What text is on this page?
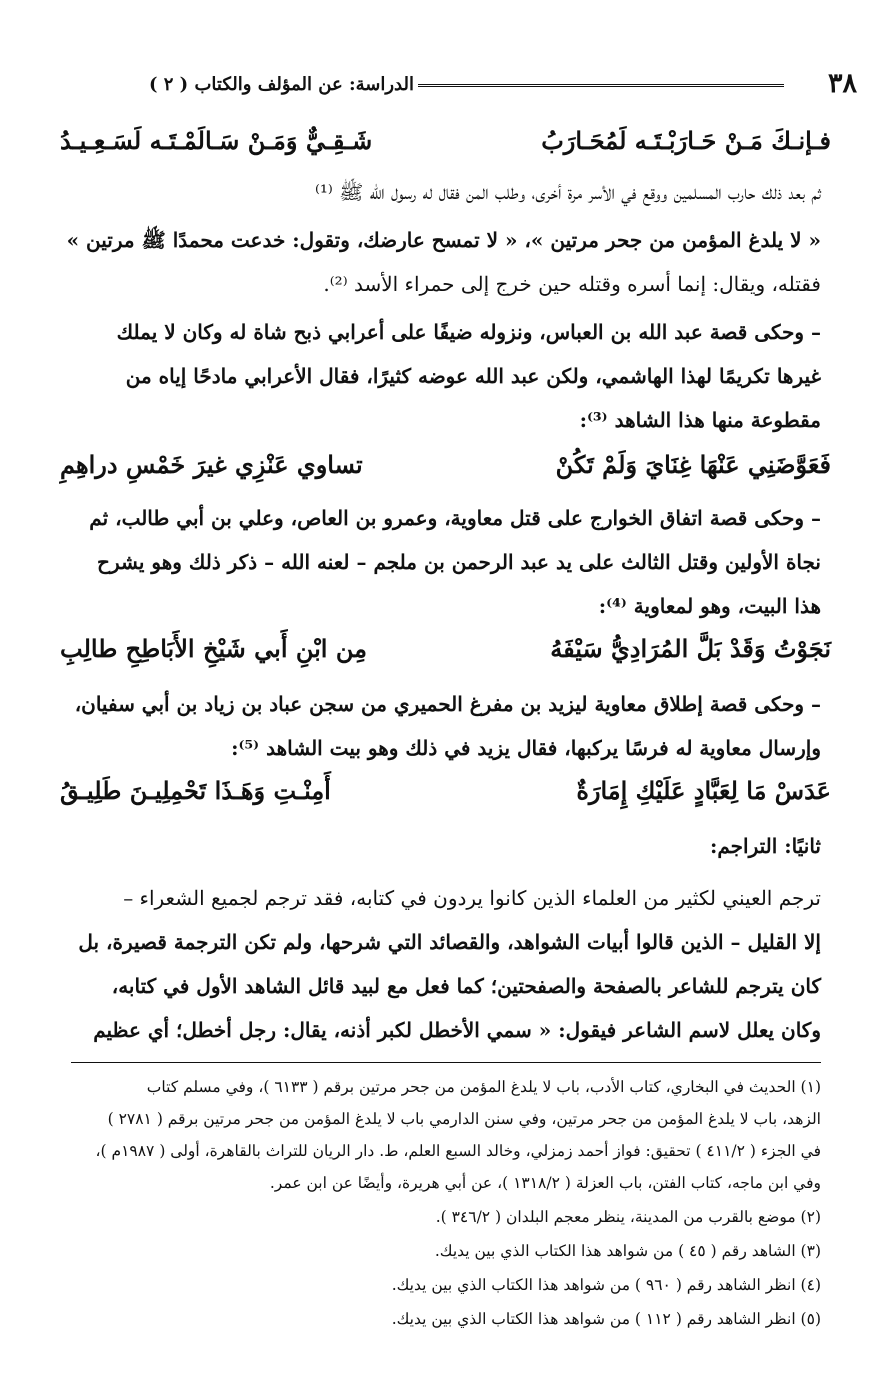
٣٨
الدراسة: عن المؤلف والكتاب ( ٢ )
فـإنـكَ مَـنْ حَـارَبْـتَـه لَمُحَـارَبُ
شَـقِـيٌّ وَمَـنْ سَـالَمْـتَـه لَسَـعِـيـدُ
ثم بعد ذلك حارب المسلمين ووقع في الأسر مرة أخرى، وطلب المن فقال له رسول الله ﷺ ⁽¹⁾
« لا يلدغ المؤمن من جحر مرتين »، « لا تمسح عارضك، وتقول: خدعت محمدًا ﷺ مرتين »
فقتله، ويقال: إنما أسره وقتله حين خرج إلى حمراء الأسد ⁽²⁾.
– وحكى قصة عبد الله بن العباس، ونزوله ضيفًا على أعرابي ذبح شاة له وكان لا يملك
غيرها تكريمًا لهذا الهاشمي، ولكن عبد الله عوضه كثيرًا، فقال الأعرابي مادحًا إياه من
مقطوعة منها هذا الشاهد ⁽³⁾:
فَعَوَّضَنِي عَنْهَا غِنَايَ وَلَمْ تَكُنْ
تساوي عَنْزِي غيرَ خَمْسِ دراهِمِ
– وحكى قصة اتفاق الخوارج على قتل معاوية، وعمرو بن العاص، وعلي بن أبي طالب، ثم
نجاة الأولين وقتل الثالث على يد عبد الرحمن بن ملجم – لعنه الله – ذكر ذلك وهو يشرح
هذا البيت، وهو لمعاوية ⁽⁴⁾:
نَجَوْتُ وَقَدْ بَلَّ المُرَادِيُّ سَيْفَهُ
مِن ابْنِ أَبي شَيْخِ الأَبَاطِحِ طالِبِ
– وحكى قصة إطلاق معاوية ليزيد بن مفرغ الحميري من سجن عباد بن زياد بن أبي سفيان،
وإرسال معاوية له فرسًا يركبها، فقال يزيد في ذلك وهو بيت الشاهد ⁽⁵⁾:
عَدَسْ مَا لِعَبَّادٍ عَلَيْكِ إِمَارَةٌ
أَمِنْـتِ وَهَـذَا تَحْمِلِيـنَ طَلِيـقُ
ثانيًا: التراجم:
ترجم العيني لكثير من العلماء الذين كانوا يردون في كتابه، فقد ترجم لجميع الشعراء –
إلا القليل – الذين قالوا أبيات الشواهد، والقصائد التي شرحها، ولم تكن الترجمة قصيرة، بل
كان يترجم للشاعر بالصفحة والصفحتين؛ كما فعل مع لبيد قائل الشاهد الأول في كتابه،
وكان يعلل لاسم الشاعر فيقول: « سمي الأخطل لكبر أذنه، يقال: رجل أخطل؛ أي عظيم
(١) الحديث في البخاري، كتاب الأدب، باب لا يلدغ المؤمن من جحر مرتين برقم ( ٦١٣٣ )، وفي مسلم كتاب
الزهد، باب لا يلدغ المؤمن من جحر مرتين، وفي سنن الدارمي باب لا يلدغ المؤمن من جحر مرتين برقم ( ٢٧٨١ )
في الجزء ( ٤١١/٢ ) تحقيق: فواز أحمد زمزلي، وخالد السبع العلم، ط. دار الريان للتراث بالقاهرة، أولى ( ١٩٨٧م )،
وفي ابن ماجه، كتاب الفتن، باب العزلة ( ١٣١٨/٢ )، عن أبي هريرة، وأيضًا عن ابن عمر.
(٢) موضع بالقرب من المدينة، ينظر معجم البلدان ( ٣٤٦/٢ ).
(٣) الشاهد رقم ( ٤٥ ) من شواهد هذا الكتاب الذي بين يديك.
(٤) انظر الشاهد رقم ( ٩٦٠ ) من شواهد هذا الكتاب الذي بين يديك.
(٥) انظر الشاهد رقم ( ١١٢ ) من شواهد هذا الكتاب الذي بين يديك.
